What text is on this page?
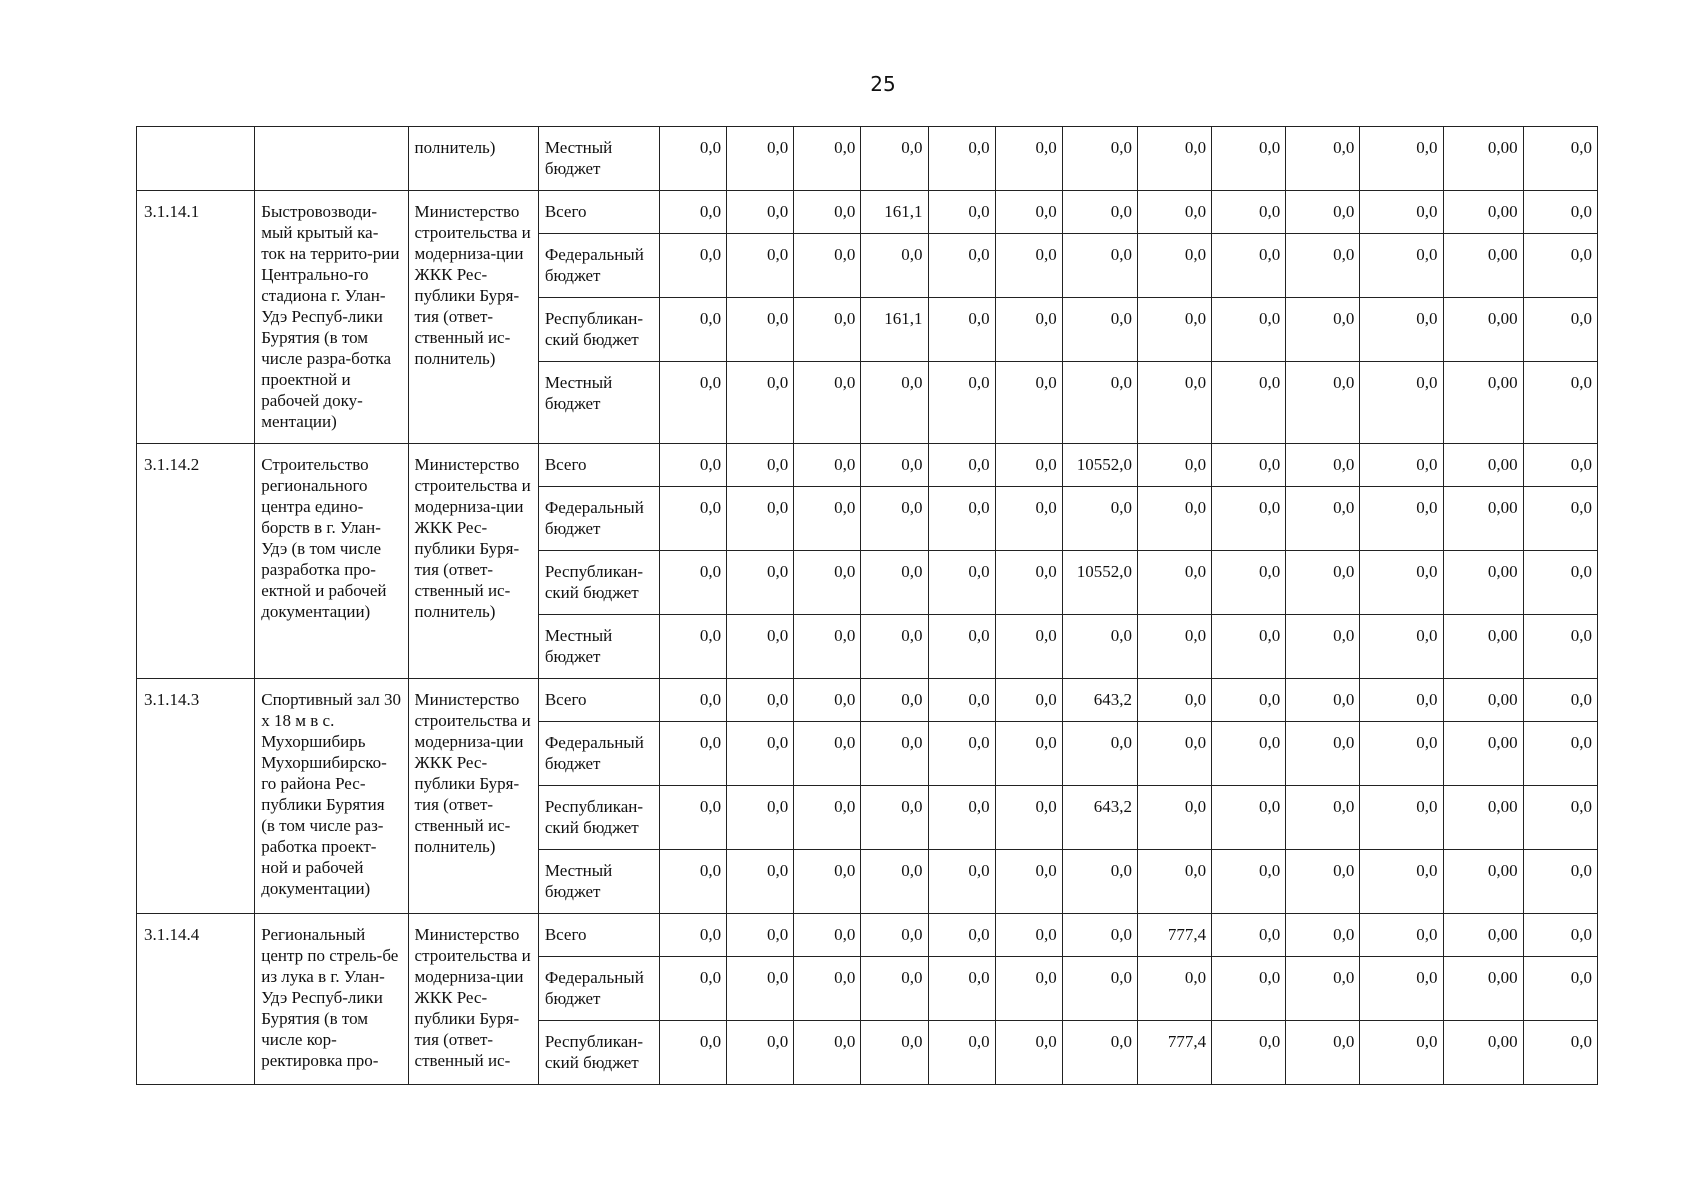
25
		полнитель)	Местный бюджет	0,0	0,0	0,0	0,0	0,0	0,0	0,0	0,0	0,0	0,0	0,0	0,00	0,0
3.1.14.1	Быстровозводи-мый крытый ка-ток на террито-рии Центрально-го стадиона г. Улан-Удэ Респуб-лики Бурятия (в том числе разра-ботка проектной и рабочей доку-ментации)	Министерство строительства и модерниза-ции ЖКК Рес-публики Буря-тия (ответ-ственный ис-полнитель)	Всего	0,0	0,0	0,0	161,1	0,0	0,0	0,0	0,0	0,0	0,0	0,0	0,00	0,0
			Федеральный бюджет	0,0	0,0	0,0	0,0	0,0	0,0	0,0	0,0	0,0	0,0	0,0	0,00	0,0
			Республикан-ский бюджет	0,0	0,0	0,0	161,1	0,0	0,0	0,0	0,0	0,0	0,0	0,0	0,00	0,0
			Местный бюджет	0,0	0,0	0,0	0,0	0,0	0,0	0,0	0,0	0,0	0,0	0,0	0,00	0,0
3.1.14.2	Строительство регионального центра едино-борств в г. Улан-Удэ (в том числе разработка про-ектной и рабочей документации)	Министерство строительства и модерниза-ции ЖКК Рес-публики Буря-тия (ответ-ственный ис-полнитель)	Всего	0,0	0,0	0,0	0,0	0,0	0,0	10552,0	0,0	0,0	0,0	0,0	0,00	0,0
			Федеральный бюджет	0,0	0,0	0,0	0,0	0,0	0,0	0,0	0,0	0,0	0,0	0,0	0,00	0,0
			Республикан-ский бюджет	0,0	0,0	0,0	0,0	0,0	0,0	10552,0	0,0	0,0	0,0	0,0	0,00	0,0
			Местный бюджет	0,0	0,0	0,0	0,0	0,0	0,0	0,0	0,0	0,0	0,0	0,0	0,00	0,0
3.1.14.3	Спортивный зал 30 х 18 м в с. Мухоршибирь Мухоршибирско-го района Рес-публики Бурятия (в том числе раз-работка проект-ной и рабочей документации)	Министерство строительства и модерниза-ции ЖКК Рес-публики Буря-тия (ответ-ственный ис-полнитель)	Всего	0,0	0,0	0,0	0,0	0,0	0,0	643,2	0,0	0,0	0,0	0,0	0,00	0,0
			Федеральный бюджет	0,0	0,0	0,0	0,0	0,0	0,0	0,0	0,0	0,0	0,0	0,0	0,00	0,0
			Республикан-ский бюджет	0,0	0,0	0,0	0,0	0,0	0,0	643,2	0,0	0,0	0,0	0,0	0,00	0,0
			Местный бюджет	0,0	0,0	0,0	0,0	0,0	0,0	0,0	0,0	0,0	0,0	0,0	0,00	0,0
3.1.14.4	Региональный центр по стрель-бе из лука в г. Улан-Удэ Респуб-лики Бурятия (в том числе кор-ректировка про-	Министерство строительства и модерниза-ции ЖКК Рес-публики Буря-тия (ответ-ственный ис-	Всего	0,0	0,0	0,0	0,0	0,0	0,0	0,0	777,4	0,0	0,0	0,0	0,00	0,0
			Федеральный бюджет	0,0	0,0	0,0	0,0	0,0	0,0	0,0	0,0	0,0	0,0	0,0	0,00	0,0
			Республикан-ский бюджет	0,0	0,0	0,0	0,0	0,0	0,0	0,0	777,4	0,0	0,0	0,0	0,00	0,0
